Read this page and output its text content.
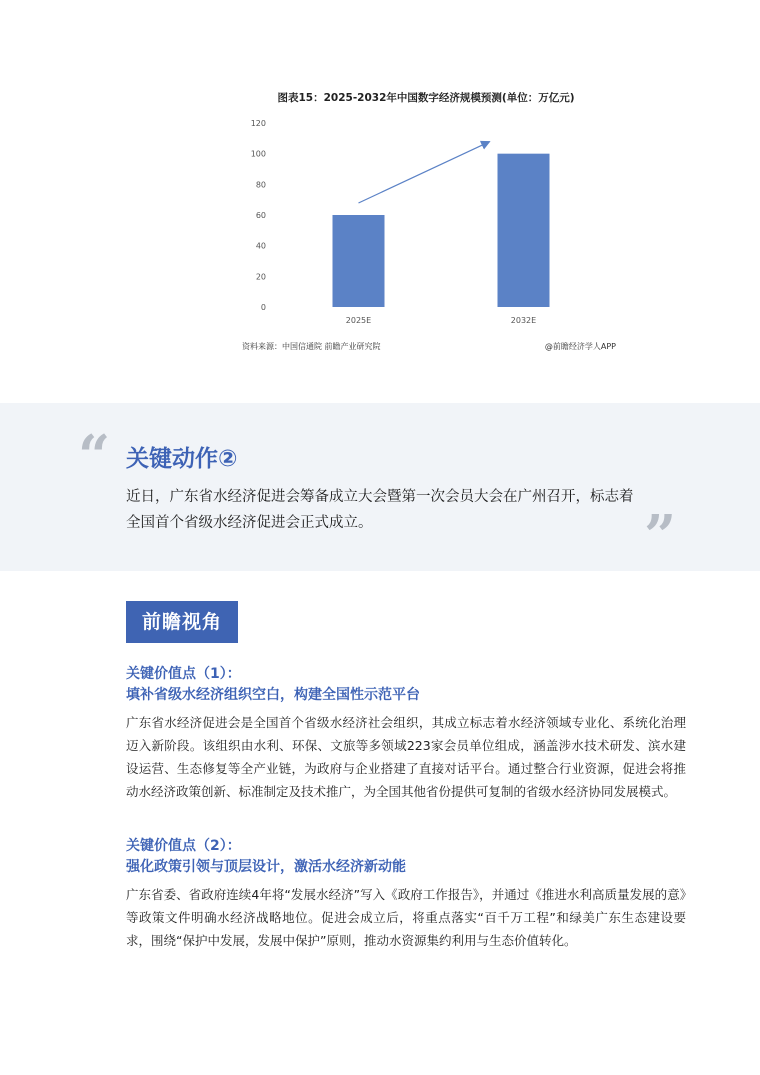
图表15：2025-2032年中国数字经济规模预测(单位：万亿元)
120
100
80
60
40
20
0
2025E	2032E
资料来源：中国信通院 前瞻产业研究院	@前瞻经济学人APP
“ 关键动作②
近日，广东省水经济促进会筹备成立大会暨第一次会员大会在广州召开，标志着全国首个省级水经济促进会正式成立。	”
前瞻视角
关键价值点（1）：
填补省级水经济组织空白，构建全国性示范平台
广东省水经济促进会是全国首个省级水经济社会组织，其成立标志着水经济领域专业化、系统化治理迈入新阶段。该组织由水利、环保、文旅等多领域223家会员单位组成，涵盖涉水技术研发、滨水建设运营、生态修复等全产业链，为政府与企业搭建了直接对话平台。通过整合行业资源，促进会将推动水经济政策创新、标准制定及技术推广，为全国其他省份提供可复制的省级水经济协同发展模式。
关键价值点（2）：
强化政策引领与顶层设计，激活水经济新动能
广东省委、省政府连续4年将“发展水经济”写入《政府工作报告》，并通过《推进水利高质量发展的意》等政策文件明确水经济战略地位。促进会成立后，将重点落实“百千万工程”和绿美广东生态建设要求，围绕“保护中发展，发展中保护”原则，推动水资源集约利用与生态价值转化。
